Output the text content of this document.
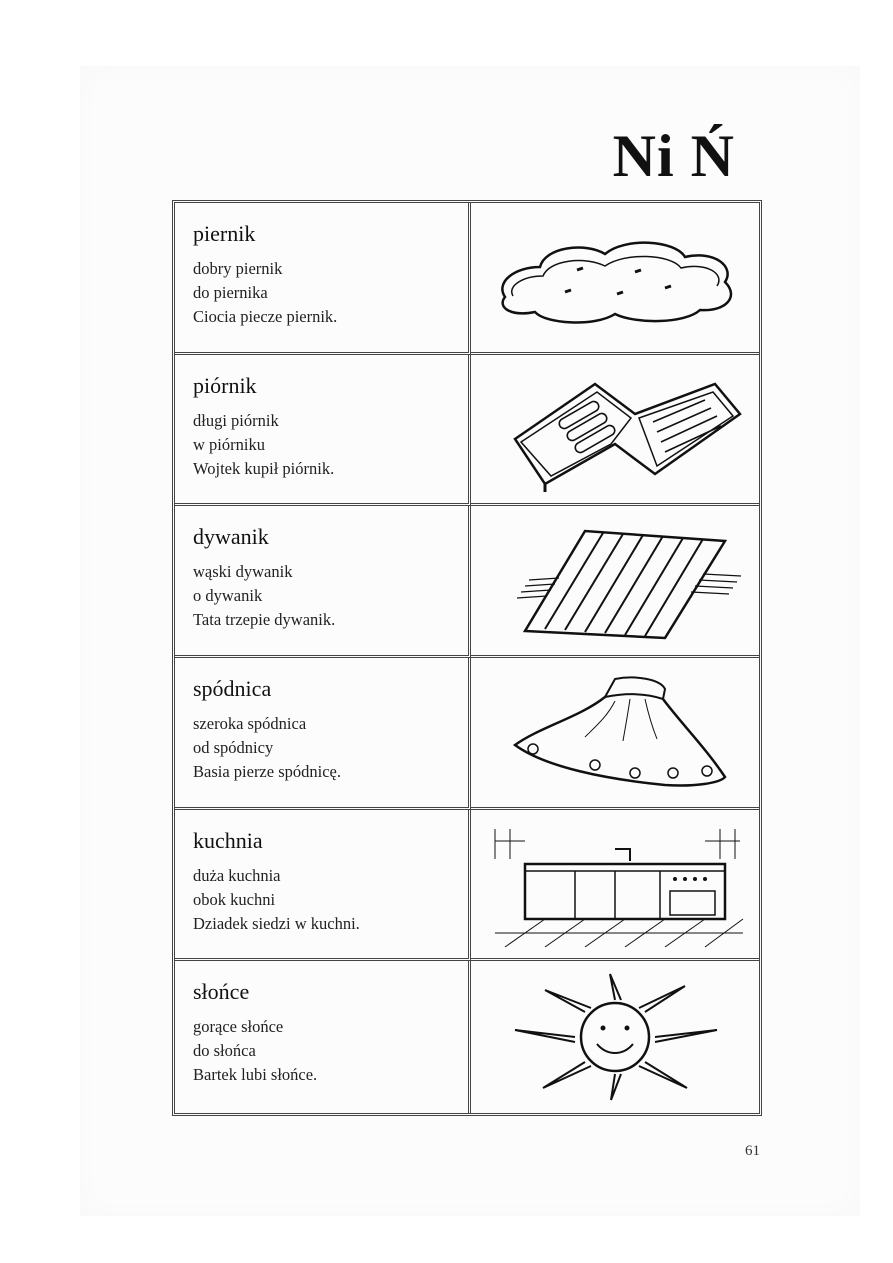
Ni Ń
piernik
dobry piernik
do piernika
Ciocia piecze piernik.
piórnik
długi piórnik
w piórniku
Wojtek kupił piórnik.
dywanik
wąski dywanik
o dywanik
Tata trzepie dywanik.
spódnica
szeroka spódnica
od spódnicy
Basia pierze spódnicę.
kuchnia
duża kuchnia
obok kuchni
Dziadek siedzi w kuchni.
słońce
gorące słońce
do słońca
Bartek lubi słońce.
61
